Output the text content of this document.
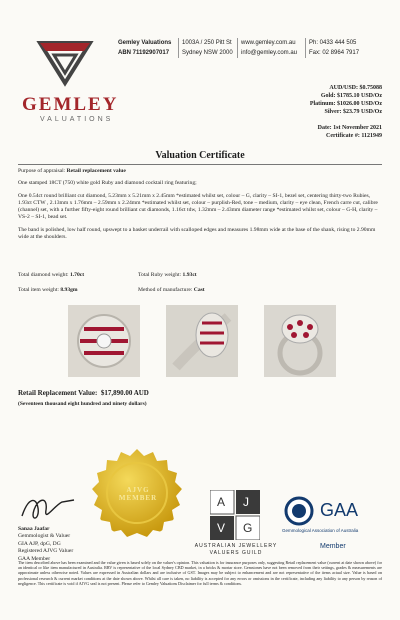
GEMLEY
VALUATIONS
Gemley Valuations
ABN 71192907017
1003A / 250 Pitt St
Sydney NSW 2000
www.gemley.com.au
info@gemley.com.au
Ph: 0433 444 505
Fax: 02 8964 7917
AUD/USD: $0.75088
Gold: $1785.10 USD/Oz
Platinum: $1026.00 USD/Oz
Silver: $23.79 USD/Oz
Date: 1st November 2021
Certificate #: 1121949
Valuation Certificate

Purpose of appraisal: Retail replacement value

One stamped 18CT (750) white gold Ruby and diamond cocktail ring featuring;

One 0.54ct round brilliant cut diamond, 5.23mm x 5.21mm x 2.45mm *estimated whilst set, colour – G, clarity – SI-1, bezel set, centering thirty-two Rubies, 1.93ct CTW , 2.13mm x 1.76mm – 2.59mm x 2.24mm *estimated whilst set, colour – purplish-Red, tone – medium, clarity – eye clean, French carre cut, calibre (channel) set, with a further fifty-eight round brilliant cut diamonds, 1.16ct tdw, 1.32mm – 2.43mm diameter range *estimated whilst set, colour – G-H, clarity – VS-2 – SI-1, bead set.

The band is polished, low half round, upswept to a basket underrail with scalloped edges and measures 1.98mm wide at the base of the shank, rising to 2.90mm wide at the shoulders.

Total diamond weight: 1.70ct	Total Ruby weight: 1.93ct
Total item weight: 8.93gm	Method of manufacture: Cast
Retail Replacement Value: $17,890.00 AUD
(Seventeen thousand eight hundred and ninety dollars)
AJVG MEMBER
Sanaa Jaafar
Gemmologist & Valuer
GIA AJP, dpG, DG
Registered AJVG Valuer
GAA Member
A J
V G
AUSTRALIAN JEWELLERY
VALUERS GUILD
GAA
Gemmological Association of Australia
Member
The item described above has been examined and the value given is based solely on the valuer's opinion. This valuation is for insurance purposes only, suggesting Retail replacement value (current at date shown above) for an identical or like item manufactured in Australia. RRV is representative of the local Sydney CBD market, in a bricks & mortar store. Gemstones have not been removed from their settings, grades & measurements are approximate unless otherwise noted. Values are expressed in Australian dollars and are inclusive of GST. Images may be subject to enhancement and are not representative of the items actual size. Value is based on professional research & current market conditions at the date shown above. Whilst all care is taken, no liability is accepted for any errors or omissions in the certificate, including any liability to any person by reason of negligence. This certificate is void if AJVG seal is not present. Please refer to Gemley Valuations Disclaimer for full terms & conditions.
